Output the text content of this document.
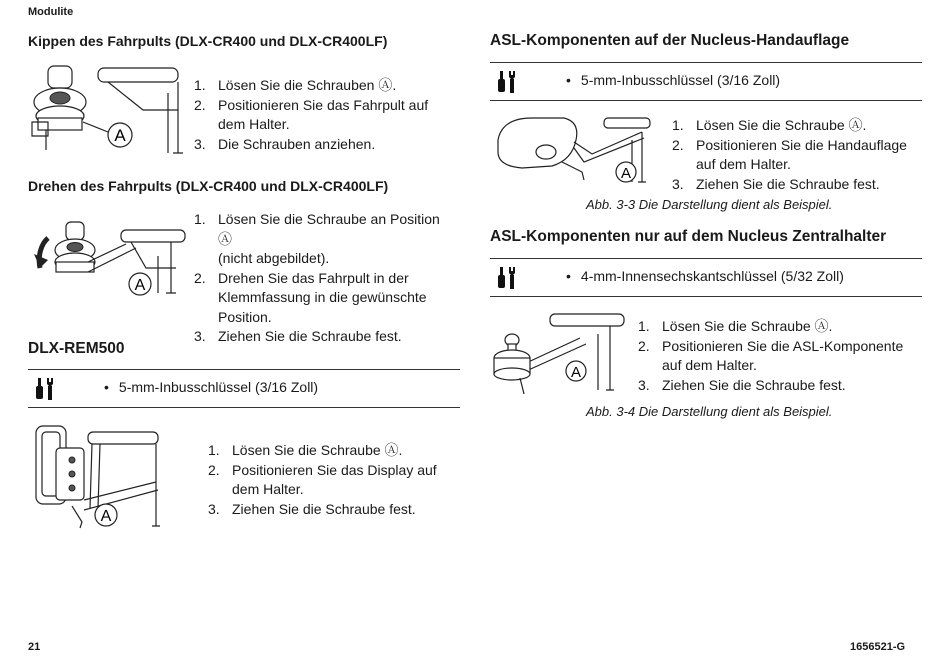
Modulite
21	1656521-G
Kippen des Fahrpults (DLX-CR400 und DLX-CR400LF)
A
1. Lösen Sie die Schrauben Ⓐ.
2. Positionieren Sie das Fahrpult auf
dem Halter.
3. Die Schrauben anziehen.
Drehen des Fahrpults (DLX-CR400 und DLX-CR400LF)
A
1. Lösen Sie die Schraube an Position Ⓐ
(nicht abgebildet).
2. Drehen Sie das Fahrpult in der
Klemmfassung in die gewünschte
Position.
3. Ziehen Sie die Schraube fest.
DLX-REM500
• 5-mm-Inbusschlüssel (3/16 Zoll)
A
1. Lösen Sie die Schraube Ⓐ.
2. Positionieren Sie das Display auf
dem Halter.
3. Ziehen Sie die Schraube fest.
ASL-Komponenten auf der Nucleus-Handauflage
• 5-mm-Inbusschlüssel (3/16 Zoll)
A
1. Lösen Sie die Schraube Ⓐ.
2. Positionieren Sie die Handauflage
auf dem Halter.
3. Ziehen Sie die Schraube fest.
Abb. 3-3 Die Darstellung dient als Beispiel.
ASL-Komponenten nur auf dem Nucleus Zentralhalter
• 4-mm-Innensechskantschlüssel (5/32 Zoll)
A
1. Lösen Sie die Schraube Ⓐ.
2. Positionieren Sie die ASL-Komponente
auf dem Halter.
3. Ziehen Sie die Schraube fest.
Abb. 3-4 Die Darstellung dient als Beispiel.
